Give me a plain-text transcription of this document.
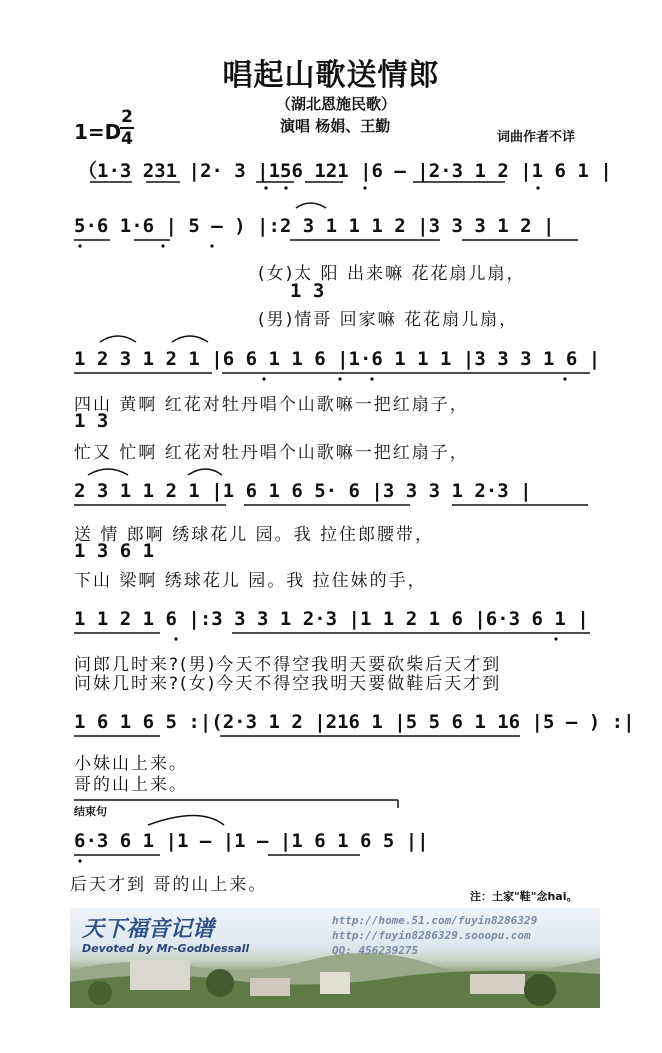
唱起山歌送情郎
（湖北恩施民歌）
演唱 杨娟、王勤
1=D
2
4	词曲作者不详
（1·3 231 |2· 3 |156 121 |6 – |2·3 1 2 |1 6 1 |
5·6 1·6 | 5 – ) |:2 3 1 1 1 2 |3 3 3 1 2 |
(女)太 阳 出来嘛 花花扇儿扇，
1 3
(男)情哥 回家嘛 花花扇儿扇，
1 2 3 1 2 1 |6 6 1 1 6 |1·6 1 1 1 |3 3 3 1 6 |
四山 黄啊 红花对牡丹唱个山歌嘛一把红扇子，
1 3
忙又 忙啊 红花对牡丹唱个山歌嘛一把红扇子，
2 3 1 1 2 1 |1 6 1 6 5· 6 |3 3 3 1 2·3 |
送 情 郎啊 绣球花儿 园。我 拉住郎腰带，
1 3 6 1
下山 梁啊 绣球花儿 园。我 拉住妹的手，
1 1 2 1 6 |:3 3 3 1 2·3 |1 1 2 1 6 |6·3 6 1 |
问郎几时来?(男)今天不得空我明天要砍柴后天才到
问妹几时来?(女)今天不得空我明天要做鞋后天才到
1 6 1 6 5 :|(2·3 1 2 |216 1 |5 5 6 1 16 |5 – ) :|
小妹山上来。
哥的山上来。
结束句
6·3 6 1 |1 – |1 – |1 6 1 6 5 ||
后天才到 哥的山上来。
注：土家"鞋"念hai。
天下福音记谱
Devoted by Mr-Godblessall
http://home.51.com/fuyin8286329
http://fuyin8286329.sooopu.com
QQ: 456239275
